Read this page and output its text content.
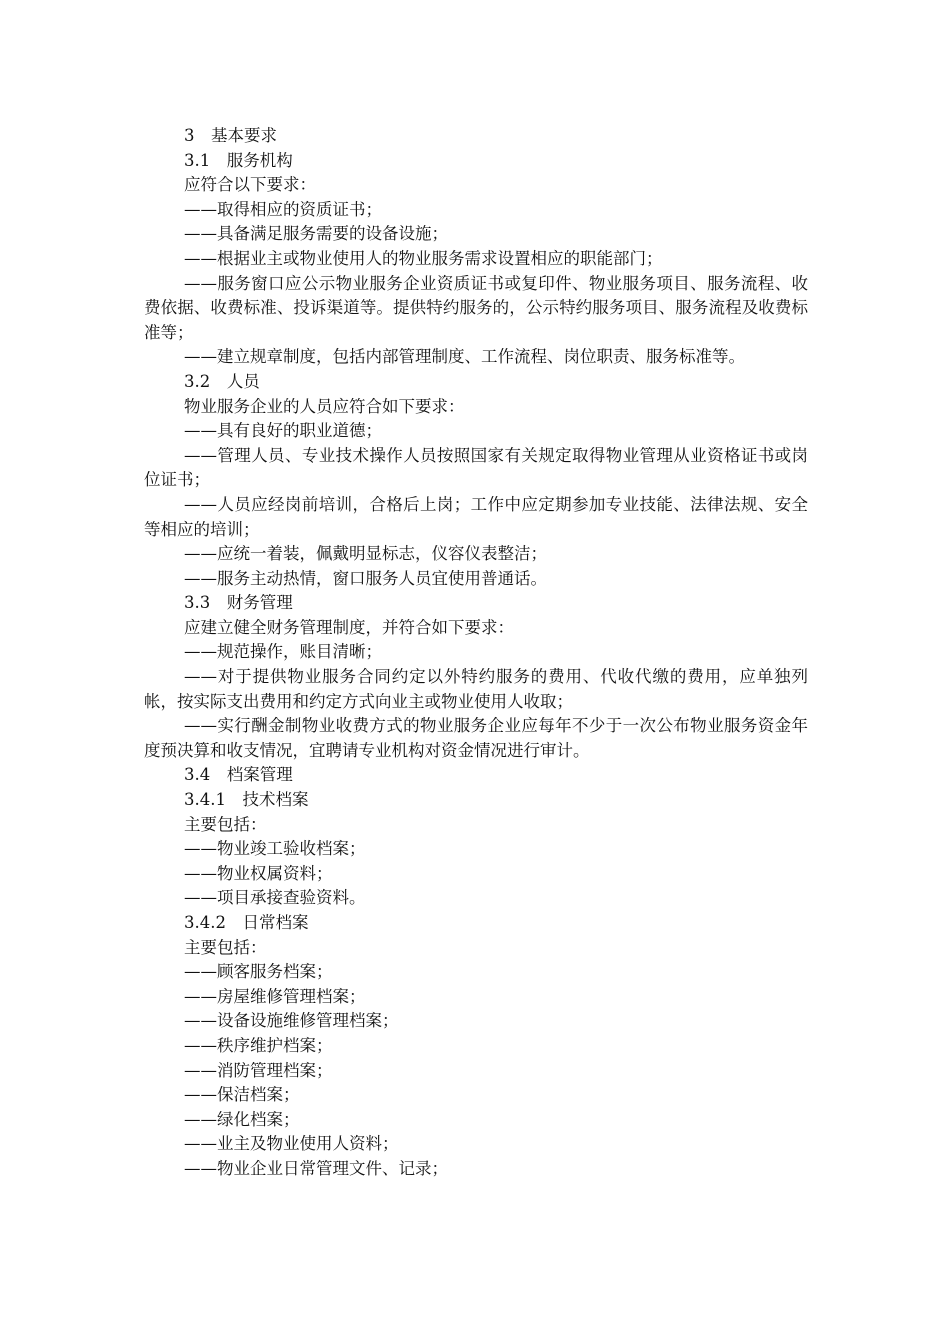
3　基本要求

3.1　服务机构

应符合以下要求：

——取得相应的资质证书；

——具备满足服务需要的设备设施；

——根据业主或物业使用人的物业服务需求设置相应的职能部门；

——服务窗口应公示物业服务企业资质证书或复印件、物业服务项目、服务流程、收费依据、收费标准、投诉渠道等。提供特约服务的，公示特约服务项目、服务流程及收费标准等；

——建立规章制度，包括内部管理制度、工作流程、岗位职责、服务标准等。

3.2　人员

物业服务企业的人员应符合如下要求：

——具有良好的职业道德；

——管理人员、专业技术操作人员按照国家有关规定取得物业管理从业资格证书或岗位证书；

——人员应经岗前培训，合格后上岗；工作中应定期参加专业技能、法律法规、安全等相应的培训；

——应统一着装，佩戴明显标志，仪容仪表整洁；

——服务主动热情，窗口服务人员宜使用普通话。

3.3　财务管理

应建立健全财务管理制度，并符合如下要求：

——规范操作，账目清晰；

——对于提供物业服务合同约定以外特约服务的费用、代收代缴的费用，应单独列帐，按实际支出费用和约定方式向业主或物业使用人收取；

——实行酬金制物业收费方式的物业服务企业应每年不少于一次公布物业服务资金年度预决算和收支情况，宜聘请专业机构对资金情况进行审计。

3.4　档案管理

3.4.1　技术档案

主要包括：

——物业竣工验收档案；

——物业权属资料；

——项目承接查验资料。

3.4.2　日常档案

主要包括：

——顾客服务档案；

——房屋维修管理档案；

——设备设施维修管理档案；

——秩序维护档案；

——消防管理档案；

——保洁档案；

——绿化档案；

——业主及物业使用人资料；

——物业企业日常管理文件、记录；
